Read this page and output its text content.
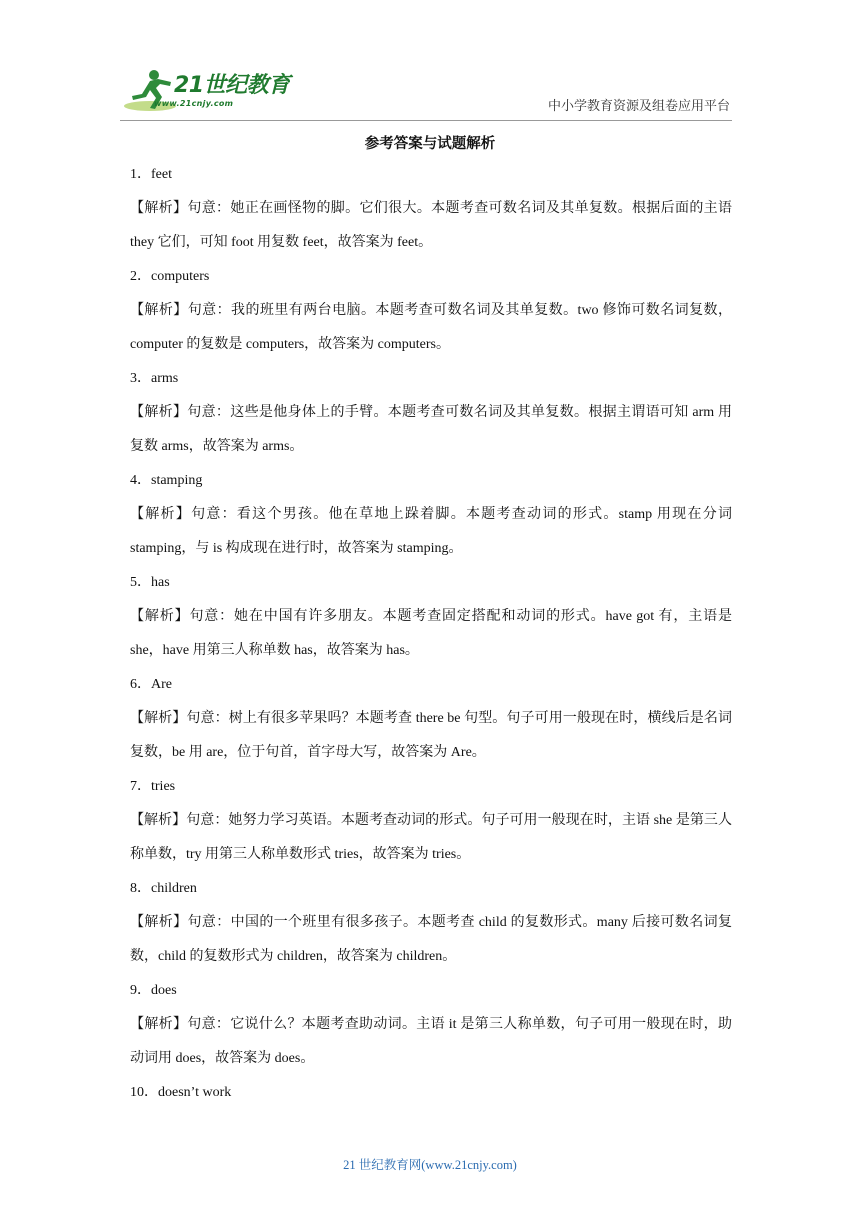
21世纪教育
www.21cnjy.com	中小学教育资源及组卷应用平台
参考答案与试题解析
1．feet
【解析】句意：她正在画怪物的脚。它们很大。本题考查可数名词及其单复数。根据后面的主语 they 它们，可知 foot 用复数 feet，故答案为 feet。
2．computers
【解析】句意：我的班里有两台电脑。本题考查可数名词及其单复数。two 修饰可数名词复数，computer 的复数是 computers，故答案为 computers。
3．arms
【解析】句意：这些是他身体上的手臂。本题考查可数名词及其单复数。根据主谓语可知 arm 用复数 arms，故答案为 arms。
4．stamping
【解析】句意：看这个男孩。他在草地上跺着脚。本题考查动词的形式。stamp 用现在分词 stamping，与 is 构成现在进行时，故答案为 stamping。
5．has
【解析】句意：她在中国有许多朋友。本题考查固定搭配和动词的形式。have got 有，主语是 she，have 用第三人称单数 has，故答案为 has。
6．Are
【解析】句意：树上有很多苹果吗？本题考查 there be 句型。句子可用一般现在时，横线后是名词复数，be 用 are，位于句首，首字母大写，故答案为 Are。
7．tries
【解析】句意：她努力学习英语。本题考查动词的形式。句子可用一般现在时，主语 she 是第三人称单数，try 用第三人称单数形式 tries，故答案为 tries。
8．children
【解析】句意：中国的一个班里有很多孩子。本题考查 child 的复数形式。many 后接可数名词复数，child 的复数形式为 children，故答案为 children。
9．does
【解析】句意：它说什么？本题考查助动词。主语 it 是第三人称单数，句子可用一般现在时，助动词用 does，故答案为 does。
10．doesn’t work
21 世纪教育网(www.21cnjy.com)
